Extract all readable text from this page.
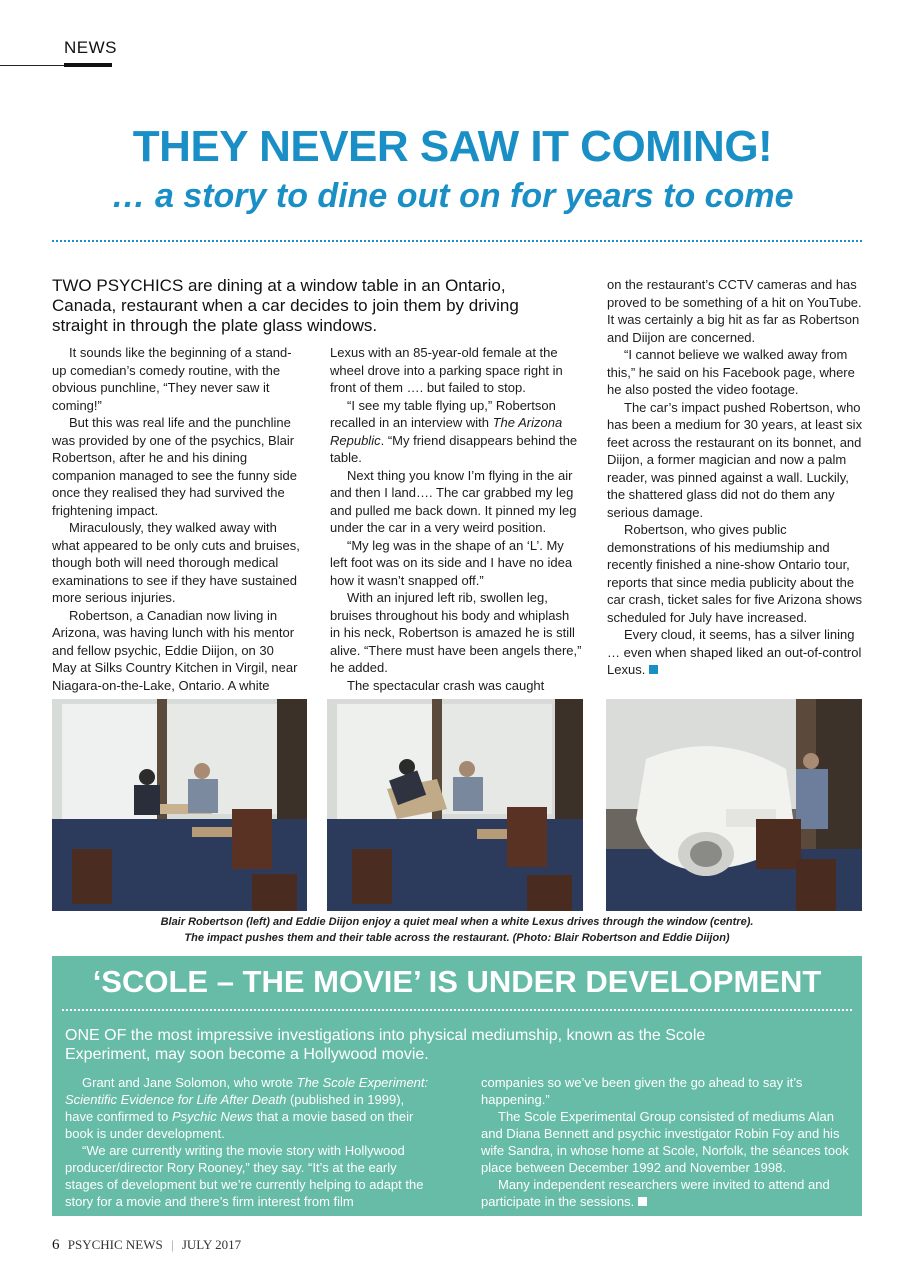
NEWS
THEY NEVER SAW IT COMING!
… a story to dine out on for years to come

TWO PSYCHICS are dining at a window table in an Ontario, Canada, restaurant when a car decides to join them by driving straight in through the plate glass windows.

It sounds like the beginning of a stand-up comedian’s comedy routine, with the obvious punchline, “They never saw it coming!”

But this was real life and the punchline was provided by one of the psychics, Blair Robertson, after he and his dining companion managed to see the funny side once they realised they had survived the frightening impact.

Miraculously, they walked away with what appeared to be only cuts and bruises, though both will need thorough medical examinations to see if they have sustained more serious injuries.

Robertson, a Canadian now living in Arizona, was having lunch with his mentor and fellow psychic, Eddie Diijon, on 30 May at Silks Country Kitchen in Virgil, near Niagara-on-the-Lake, Ontario. A white

Lexus with an 85-year-old female at the wheel drove into a parking space right in front of them …. but failed to stop.

“I see my table flying up,” Robertson recalled in an interview with The Arizona Republic. “My friend disappears behind the table.

Next thing you know I’m flying in the air and then I land…. The car grabbed my leg and pulled me back down. It pinned my leg under the car in a very weird position.

“My leg was in the shape of an ‘L’. My left foot was on its side and I have no idea how it wasn’t snapped off.”

With an injured left rib, swollen leg, bruises throughout his body and whiplash in his neck, Robertson is amazed he is still alive. “There must have been angels there,” he added.

The spectacular crash was caught

on the restaurant’s CCTV cameras and has proved to be something of a hit on YouTube. It was certainly a big hit as far as Robertson and Diijon are concerned.

“I cannot believe we walked away from this,” he said on his Facebook page, where he also posted the video footage.

The car’s impact pushed Robertson, who has been a medium for 30 years, at least six feet across the restaurant on its bonnet, and Diijon, a former magician and now a palm reader, was pinned against a wall. Luckily, the shattered glass did not do them any serious damage.

Robertson, who gives public demonstrations of his mediumship and recently finished a nine-show Ontario tour, reports that since media publicity about the car crash, ticket sales for five Arizona shows scheduled for July have increased.

Every cloud, it seems, has a silver lining … even when shaped liked an out-of-control Lexus.

Blair Robertson (left) and Eddie Diijon enjoy a quiet meal when a white Lexus drives through the window (centre).
The impact pushes them and their table across the restaurant. (Photo: Blair Robertson and Eddie Diijon)
‘SCOLE – THE MOVIE’ IS UNDER DEVELOPMENT

ONE OF the most impressive investigations into physical mediumship, known as the Scole Experiment, may soon become a Hollywood movie.

Grant and Jane Solomon, who wrote The Scole Experiment: Scientific Evidence for Life After Death (published in 1999), have confirmed to Psychic News that a movie based on their book is under development.

“We are currently writing the movie story with Hollywood producer/director Rory Rooney,” they say. “It’s at the early stages of development but we’re currently helping to adapt the story for a movie and there’s firm interest from film

companies so we’ve been given the go ahead to say it’s happening.”

The Scole Experimental Group consisted of mediums Alan and Diana Bennett and psychic investigator Robin Foy and his wife Sandra, in whose home at Scole, Norfolk, the séances took place between December 1992 and November 1998.

Many independent researchers were invited to attend and participate in the sessions.

6 PSYCHIC NEWS | JULY 2017
